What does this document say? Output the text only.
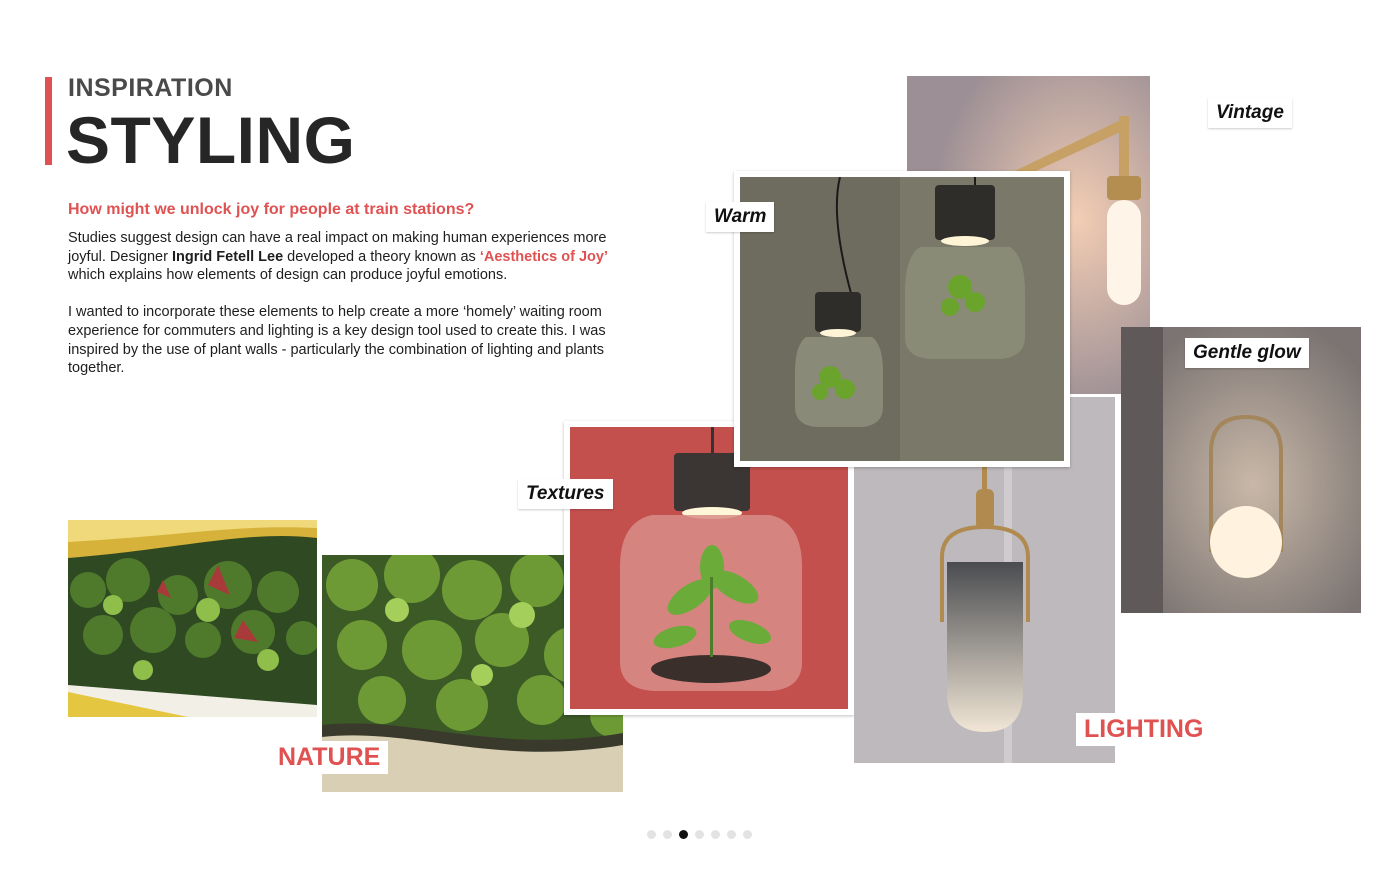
INSPIRATION
STYLING
How might we unlock joy for people at train stations?

Studies suggest design can have a real impact on making human experiences more joyful. Designer Ingrid Fetell Lee developed a theory known as ‘Aesthetics of Joy’ which explains how elements of design can produce joyful emotions.

I wanted to incorporate these elements to help create a more ‘homely’ waiting room experience for commuters and lighting is a key design tool used to create this. I was inspired by the use of plant walls - particularly the combination of lighting and plants together.

Vintage
Warm
Gentle glow
Textures
NATURE
LIGHTING
